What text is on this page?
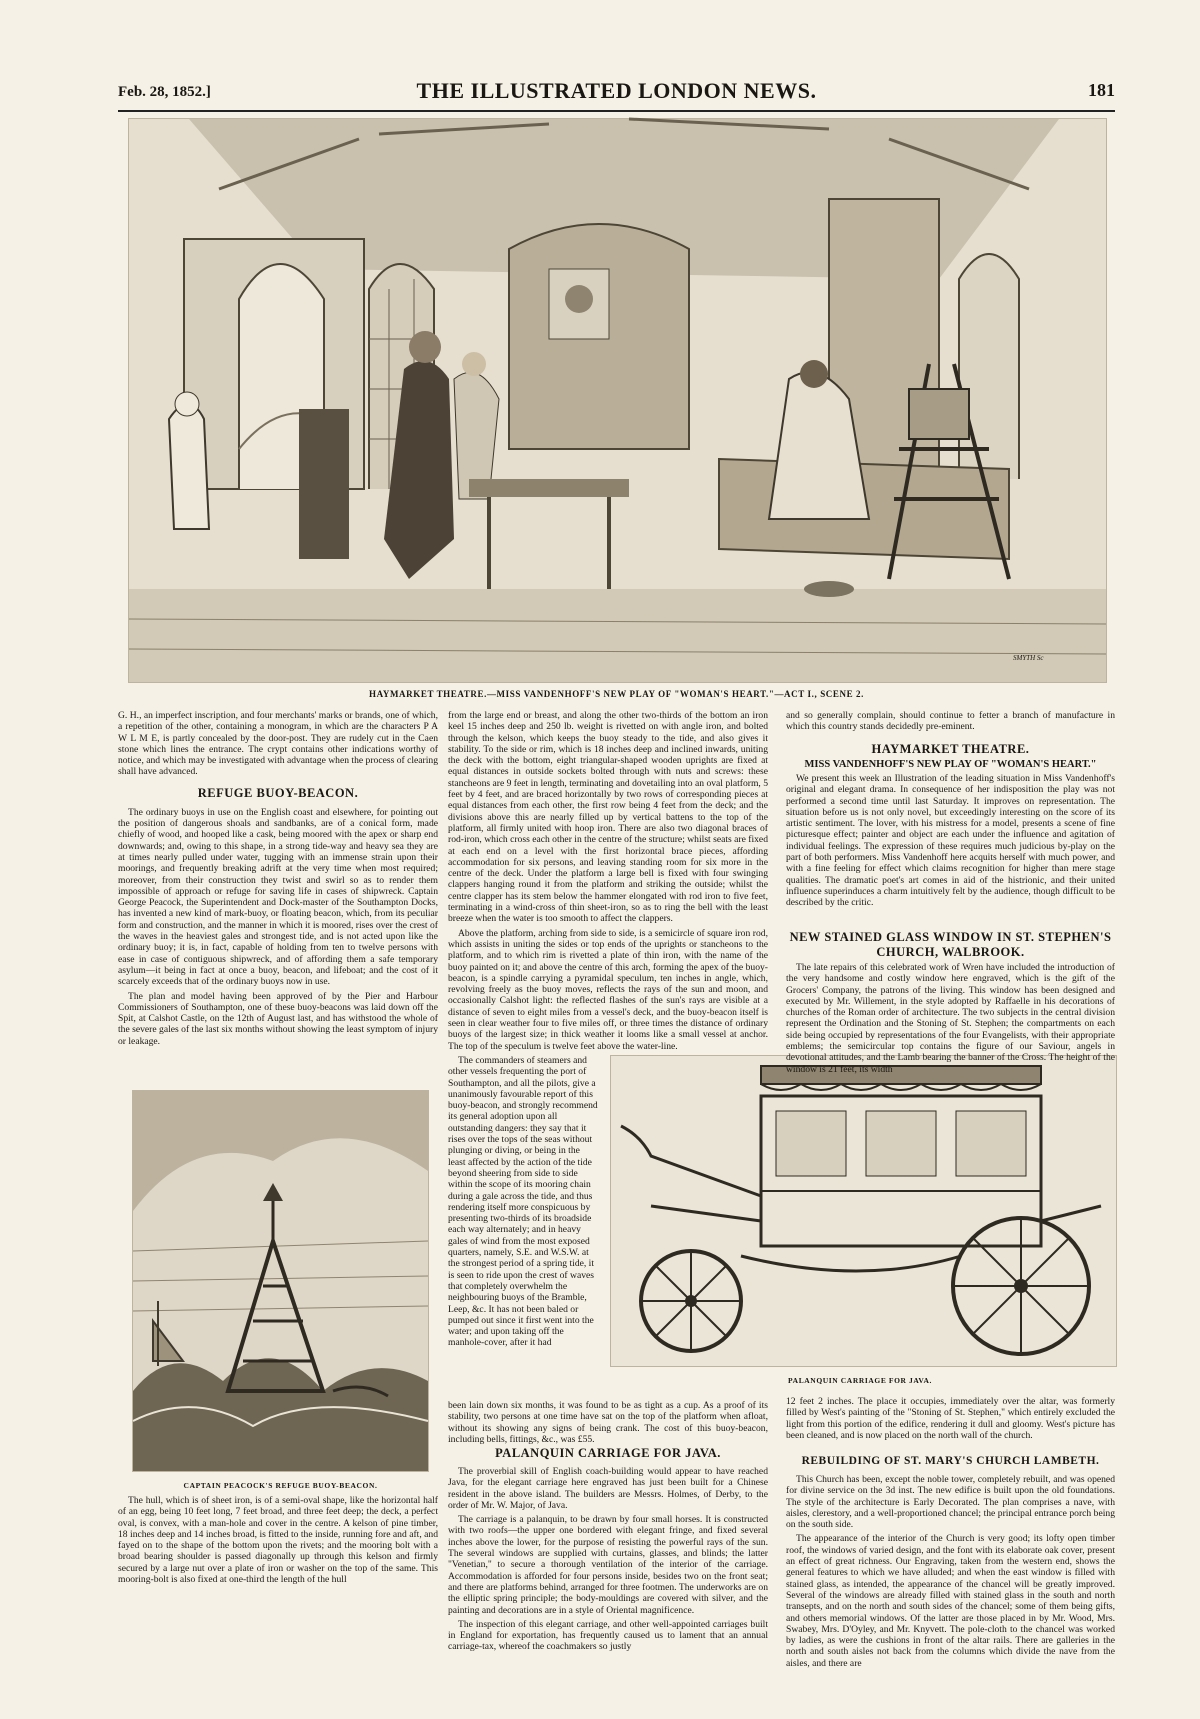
Feb. 28, 1852.]	THE ILLUSTRATED LONDON NEWS.	181
SMYTH Sc
HAYMARKET THEATRE.—MISS VANDENHOFF'S NEW PLAY OF "WOMAN'S HEART."—ACT I., SCENE 2.

G. H., an imperfect inscription, and four merchants' marks or brands, one of which, a repetition of the other, containing a monogram, in which are the characters P A W L M E, is partly concealed by the door-post. They are rudely cut in the Caen stone which lines the entrance. The crypt contains other indications worthy of notice, and which may be investigated with advantage when the process of clearing shall have advanced.

REFUGE BUOY-BEACON.

The ordinary buoys in use on the English coast and elsewhere, for pointing out the position of dangerous shoals and sandbanks, are of a conical form, made chiefly of wood, and hooped like a cask, being moored with the apex or sharp end downwards; and, owing to this shape, in a strong tide-way and heavy sea they are at times nearly pulled under water, tugging with an immense strain upon their moorings, and frequently breaking adrift at the very time when most required; moreover, from their construction they twist and swirl so as to render them impossible of approach or refuge for saving life in cases of shipwreck. Captain George Peacock, the Superintendent and Dock-master of the Southampton Docks, has invented a new kind of mark-buoy, or floating beacon, which, from its peculiar form and construction, and the manner in which it is moored, rises over the crest of the waves in the heaviest gales and strongest tide, and is not acted upon like the ordinary buoy; it is, in fact, capable of holding from ten to twelve persons with ease in case of contiguous shipwreck, and of affording them a safe temporary asylum—it being in fact at once a buoy, beacon, and lifeboat; and the cost of it scarcely exceeds that of the ordinary buoys now in use.

The plan and model having been approved of by the Pier and Harbour Commissioners of Southampton, one of these buoy-beacons was laid down off the Spit, at Calshot Castle, on the 12th of August last, and has withstood the whole of the severe gales of the last six months without showing the least symptom of injury or leakage.

CAPTAIN PEACOCK'S REFUGE BUOY-BEACON.

The hull, which is of sheet iron, is of a semi-oval shape, like the horizontal half of an egg, being 10 feet long, 7 feet broad, and three feet deep; the deck, a perfect oval, is convex, with a man-hole and cover in the centre. A kelson of pine timber, 18 inches deep and 14 inches broad, is fitted to the inside, running fore and aft, and fayed on to the shape of the bottom upon the rivets; and the mooring bolt with a broad bearing shoulder is passed diagonally up through this kelson and firmly secured by a large nut over a plate of iron or washer on the top of the same. This mooring-bolt is also fixed at one-third the length of the hull

from the large end or breast, and along the other two-thirds of the bottom an iron keel 15 inches deep and 250 lb. weight is rivetted on with angle iron, and bolted through the kelson, which keeps the buoy steady to the tide, and also gives it stability. To the side or rim, which is 18 inches deep and inclined inwards, uniting the deck with the bottom, eight triangular-shaped wooden uprights are fixed at equal distances in outside sockets bolted through with nuts and screws: these stancheons are 9 feet in length, terminating and dovetailing into an oval platform, 5 feet by 4 feet, and are braced horizontally by two rows of corresponding pieces at equal distances from each other, the first row being 4 feet from the deck; and the divisions above this are nearly filled up by vertical battens to the top of the platform, all firmly united with hoop iron. There are also two diagonal braces of rod-iron, which cross each other in the centre of the structure; whilst seats are fixed at each end on a level with the first horizontal brace pieces, affording accommodation for six persons, and leaving standing room for six more in the centre of the deck. Under the platform a large bell is fixed with four swinging clappers hanging round it from the platform and striking the outside; whilst the centre clapper has its stem below the hammer elongated with rod iron to five feet, terminating in a wind-cross of thin sheet-iron, so as to ring the bell with the least breeze when the water is too smooth to affect the clappers.

Above the platform, arching from side to side, is a semicircle of square iron rod, which assists in uniting the sides or top ends of the uprights or stancheons to the platform, and to which rim is rivetted a plate of thin iron, with the name of the buoy painted on it; and above the centre of this arch, forming the apex of the buoy-beacon, is a spindle carrying a pyramidal speculum, ten inches in angle, which, revolving freely as the buoy moves, reflects the rays of the sun and moon, and occasionally Calshot light: the reflected flashes of the sun's rays are visible at a distance of seven to eight miles from a vessel's deck, and the buoy-beacon itself is seen in clear weather four to five miles off, or three times the distance of ordinary buoys of the largest size; in thick weather it looms like a small vessel at anchor. The top of the speculum is twelve feet above the water-line.

The commanders of steamers and other vessels frequenting the port of Southampton, and all the pilots, give a unanimously favourable report of this buoy-beacon, and strongly recommend its general adoption upon all outstanding dangers: they say that it rises over the tops of the seas without plunging or diving, or being in the least affected by the action of the tide beyond sheering from side to side within the scope of its mooring chain during a gale across the tide, and thus rendering itself more conspicuous by presenting two-thirds of its broadside each way alternately; and in heavy gales of wind from the most exposed quarters, namely, S.E. and W.S.W. at the strongest period of a spring tide, it is seen to ride upon the crest of waves that completely overwhelm the neighbouring buoys of the Bramble, Leep, &c. It has not been baled or pumped out since it first went into the water; and upon taking off the manhole-cover, after it had

PALANQUIN CARRIAGE FOR JAVA.

been lain down six months, it was found to be as tight as a cup. As a proof of its stability, two persons at one time have sat on the top of the platform when afloat, without its showing any signs of being crank. The cost of this buoy-beacon, including bells, fittings, &c., was £55.

PALANQUIN CARRIAGE FOR JAVA.

The proverbial skill of English coach-building would appear to have reached Java, for the elegant carriage here engraved has just been built for a Chinese resident in the above island. The builders are Messrs. Holmes, of Derby, to the order of Mr. W. Major, of Java.

The carriage is a palanquin, to be drawn by four small horses. It is constructed with two roofs—the upper one bordered with elegant fringe, and fixed several inches above the lower, for the purpose of resisting the powerful rays of the sun. The several windows are supplied with curtains, glasses, and blinds; the latter "Venetian," to secure a thorough ventilation of the interior of the carriage. Accommodation is afforded for four persons inside, besides two on the front seat; and there are platforms behind, arranged for three footmen. The underworks are on the elliptic spring principle; the body-mouldings are covered with silver, and the painting and decorations are in a style of Oriental magnificence.

The inspection of this elegant carriage, and other well-appointed carriages built in England for exportation, has frequently caused us to lament that an annual carriage-tax, whereof the coachmakers so justly

and so generally complain, should continue to fetter a branch of manufacture in which this country stands decidedly pre-eminent.

HAYMARKET THEATRE.
MISS VANDENHOFF'S NEW PLAY OF "WOMAN'S HEART."

We present this week an Illustration of the leading situation in Miss Vandenhoff's original and elegant drama. In consequence of her indisposition the play was not performed a second time until last Saturday. It improves on representation. The situation before us is not only novel, but exceedingly interesting on the score of its artistic sentiment. The lover, with his mistress for a model, presents a scene of fine picturesque effect; painter and object are each under the influence and agitation of individual feelings. The expression of these requires much judicious by-play on the part of both performers. Miss Vandenhoff here acquits herself with much power, and with a fine feeling for effect which claims recognition for higher than mere stage qualities. The dramatic poet's art comes in aid of the histrionic, and their united influence superinduces a charm intuitively felt by the audience, though difficult to be described by the critic.

NEW STAINED GLASS WINDOW IN ST. STEPHEN'S CHURCH, WALBROOK.

The late repairs of this celebrated work of Wren have included the introduction of the very handsome and costly window here engraved, which is the gift of the Grocers' Company, the patrons of the living. This window has been designed and executed by Mr. Willement, in the style adopted by Raffaelle in his decorations of churches of the Roman order of architecture. The two subjects in the central division represent the Ordination and the Stoning of St. Stephen; the compartments on each side being occupied by representations of the four Evangelists, with their appropriate emblems; the semicircular top contains the figure of our Saviour, angels in devotional attitudes, and the Lamb bearing the banner of the Cross. The height of the window is 21 feet, its width

12 feet 2 inches. The place it occupies, immediately over the altar, was formerly filled by West's painting of the "Stoning of St. Stephen," which entirely excluded the light from this portion of the edifice, rendering it dull and gloomy. West's picture has been cleaned, and is now placed on the north wall of the church.

REBUILDING OF ST. MARY'S CHURCH LAMBETH.

This Church has been, except the noble tower, completely rebuilt, and was opened for divine service on the 3d inst. The new edifice is built upon the old foundations. The style of the architecture is Early Decorated. The plan comprises a nave, with aisles, clerestory, and a well-proportioned chancel; the principal entrance porch being on the south side.

The appearance of the interior of the Church is very good; its lofty open timber roof, the windows of varied design, and the font with its elaborate oak cover, present an effect of great richness. Our Engraving, taken from the western end, shows the general features to which we have alluded; and when the east window is filled with stained glass, as intended, the appearance of the chancel will be greatly improved. Several of the windows are already filled with stained glass in the south and north transepts, and on the north and south sides of the chancel; some of them being gifts, and others memorial windows. Of the latter are those placed in by Mr. Wood, Mrs. Swabey, Mrs. D'Oyley, and Mr. Knyvett. The pole-cloth to the chancel was worked by ladies, as were the cushions in front of the altar rails. There are galleries in the north and south aisles not back from the columns which divide the nave from the aisles, and there are
